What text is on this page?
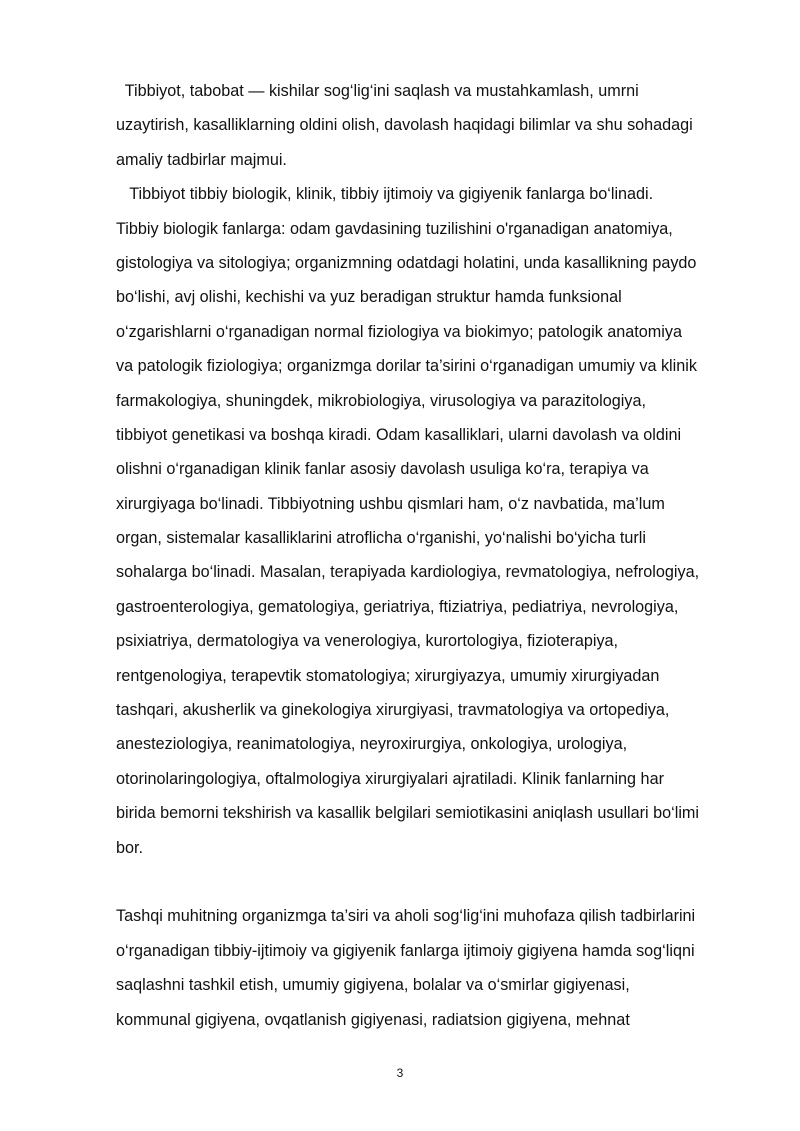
Tibbiyot, tabobat — kishilar sog‘lig‘ini saqlash va mustahkamlash, umrni
uzaytirish, kasalliklarning oldini olish, davolash haqidagi bilimlar va shu sohadagi
amaliy tadbirlar majmui.
Tibbiyot tibbiy biologik, klinik, tibbiy ijtimoiy va gigiyenik fanlarga bo‘linadi.
Tibbiy biologik fanlarga: odam gavdasining tuzilishini o'rganadigan anatomiya,
gistologiya va sitologiya; organizmning odatdagi holatini, unda kasallikning paydo
bo‘lishi, avj olishi, kechishi va yuz beradigan struktur hamda funksional
o‘zgarishlarni o‘rganadigan normal fiziologiya va biokimyo; patologik anatomiya
va patologik fiziologiya; organizmga dorilar ta’sirini o‘rganadigan umumiy va klinik
farmakologiya, shuningdek, mikrobiologiya, virusologiya va parazitologiya,
tibbiyot genetikasi va boshqa kiradi. Odam kasalliklari, ularni davolash va oldini
olishni o‘rganadigan klinik fanlar asosiy davolash usuliga ko‘ra, terapiya va
xirurgiyaga bo‘linadi. Tibbiyotning ushbu qismlari ham, o‘z navbatida, ma’lum
organ, sistemalar kasalliklarini atroflicha o‘rganishi, yo‘nalishi bo‘yicha turli
sohalarga bo‘linadi. Masalan, terapiyada kardiologiya, revmatologiya, nefrologiya,
gastroenterologiya, gematologiya, geriatriya, ftiziatriya, pediatriya, nevrologiya,
psixiatriya, dermatologiya va venerologiya, kurortologiya, fizioterapiya,
rentgenologiya, terapevtik stomatologiya; xirurgiyazya, umumiy xirurgiyadan
tashqari, akusherlik va ginekologiya xirurgiyasi, travmatologiya va ortopediya,
anesteziologiya, reanimatologiya, neyroxirurgiya, onkologiya, urologiya,
otorinolaringologiya, oftalmologiya xirurgiyalari ajratiladi. Klinik fanlarning har
birida bemorni tekshirish va kasallik belgilari semiotikasini aniqlash usullari bo‘limi
bor.
Tashqi muhitning organizmga ta’siri va aholi sog‘lig‘ini muhofaza qilish tadbirlarini
o‘rganadigan tibbiy-ijtimoiy va gigiyenik fanlarga ijtimoiy gigiyena hamda sog‘liqni
saqlashni tashkil etish, umumiy gigiyena, bolalar va o‘smirlar gigiyenasi,
kommunal gigiyena, ovqatlanish gigiyenasi, radiatsion gigiyena, mehnat
3
